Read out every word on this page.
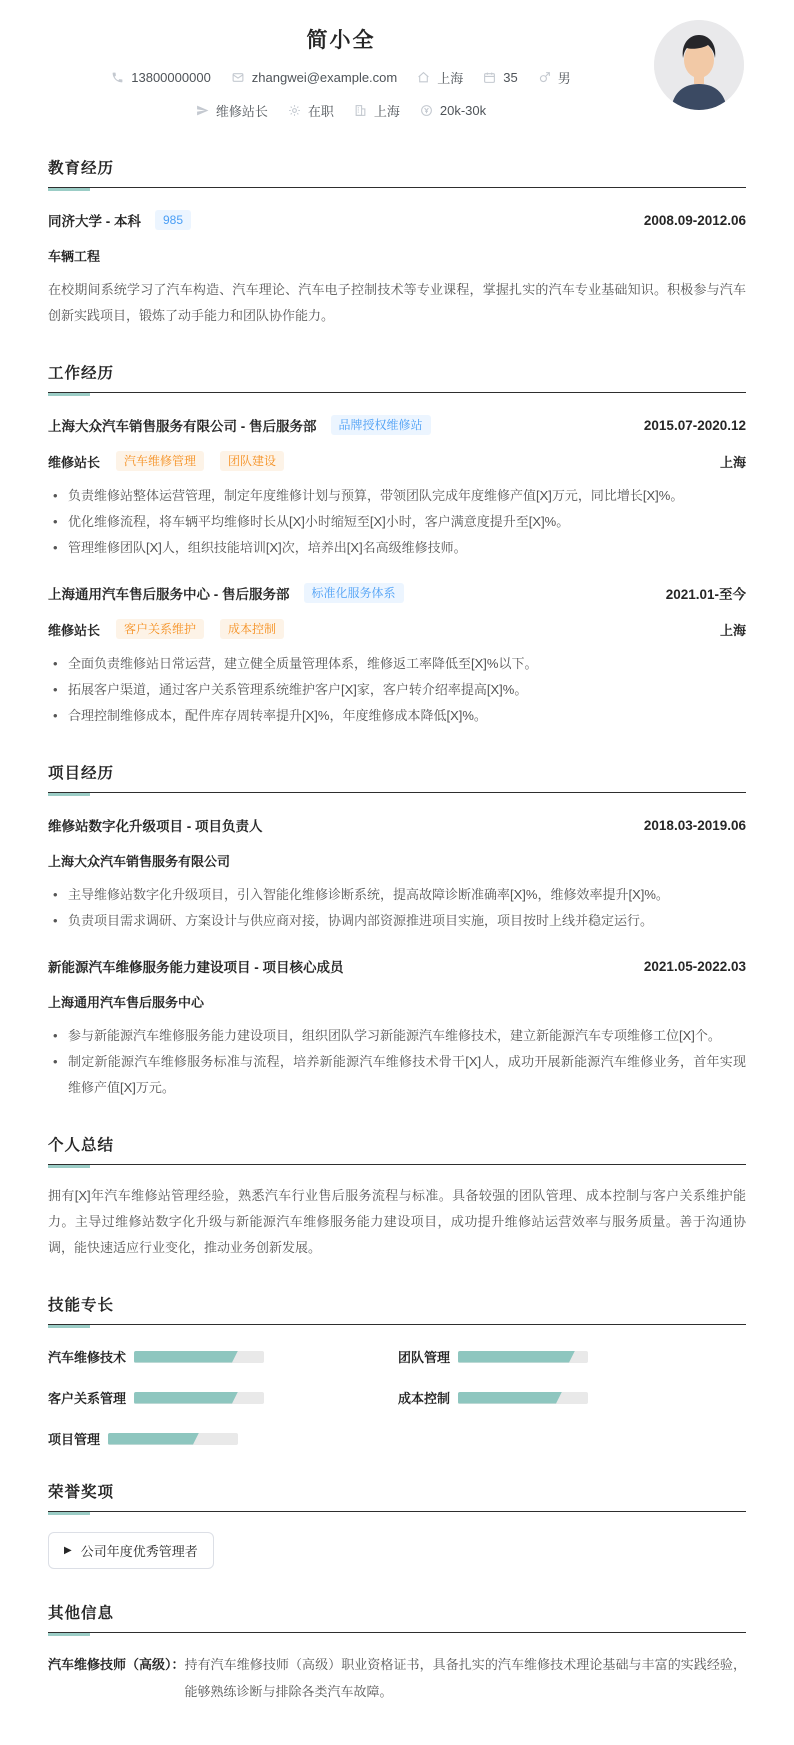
简小全
13800000000	zhangwei@example.com	上海	35	男
维修站长	在职	上海	20k-30k
教育经历
同济大学 - 本科	985	2008.09-2012.06
车辆工程
在校期间系统学习了汽车构造、汽车理论、汽车电子控制技术等专业课程，掌握扎实的汽车专业基础知识。积极参与汽车创新实践项目，锻炼了动手能力和团队协作能力。
工作经历
上海大众汽车销售服务有限公司 - 售后服务部	品牌授权维修站	2015.07-2020.12
维修站长	汽车维修管理	团队建设	上海
• 负责维修站整体运营管理，制定年度维修计划与预算，带领团队完成年度维修产值[X]万元，同比增长[X]%。
• 优化维修流程，将车辆平均维修时长从[X]小时缩短至[X]小时，客户满意度提升至[X]%。
• 管理维修团队[X]人，组织技能培训[X]次，培养出[X]名高级维修技师。
上海通用汽车售后服务中心 - 售后服务部	标准化服务体系	2021.01-至今
维修站长	客户关系维护	成本控制	上海
• 全面负责维修站日常运营，建立健全质量管理体系，维修返工率降低至[X]%以下。
• 拓展客户渠道，通过客户关系管理系统维护客户[X]家，客户转介绍率提高[X]%。
• 合理控制维修成本，配件库存周转率提升[X]%，年度维修成本降低[X]%。
项目经历
维修站数字化升级项目 - 项目负责人	2018.03-2019.06
上海大众汽车销售服务有限公司
• 主导维修站数字化升级项目，引入智能化维修诊断系统，提高故障诊断准确率[X]%，维修效率提升[X]%。
• 负责项目需求调研、方案设计与供应商对接，协调内部资源推进项目实施，项目按时上线并稳定运行。
新能源汽车维修服务能力建设项目 - 项目核心成员	2021.05-2022.03
上海通用汽车售后服务中心
• 参与新能源汽车维修服务能力建设项目，组织团队学习新能源汽车维修技术，建立新能源汽车专项维修工位[X]个。
• 制定新能源汽车维修服务标准与流程，培养新能源汽车维修技术骨干[X]人，成功开展新能源汽车维修业务，首年实现维修产值[X]万元。
个人总结
拥有[X]年汽车维修站管理经验，熟悉汽车行业售后服务流程与标准。具备较强的团队管理、成本控制与客户关系维护能力。主导过维修站数字化升级与新能源汽车维修服务能力建设项目，成功提升维修站运营效率与服务质量。善于沟通协调，能快速适应行业变化，推动业务创新发展。
技能专长
汽车维修技术	团队管理
客户关系管理	成本控制
项目管理
荣誉奖项
▶ 公司年度优秀管理者
其他信息
汽车维修技师（高级）： 持有汽车维修技师（高级）职业资格证书，具备扎实的汽车维修技术理论基础与丰富的实践经验，能够熟练诊断与排除各类汽车故障。
